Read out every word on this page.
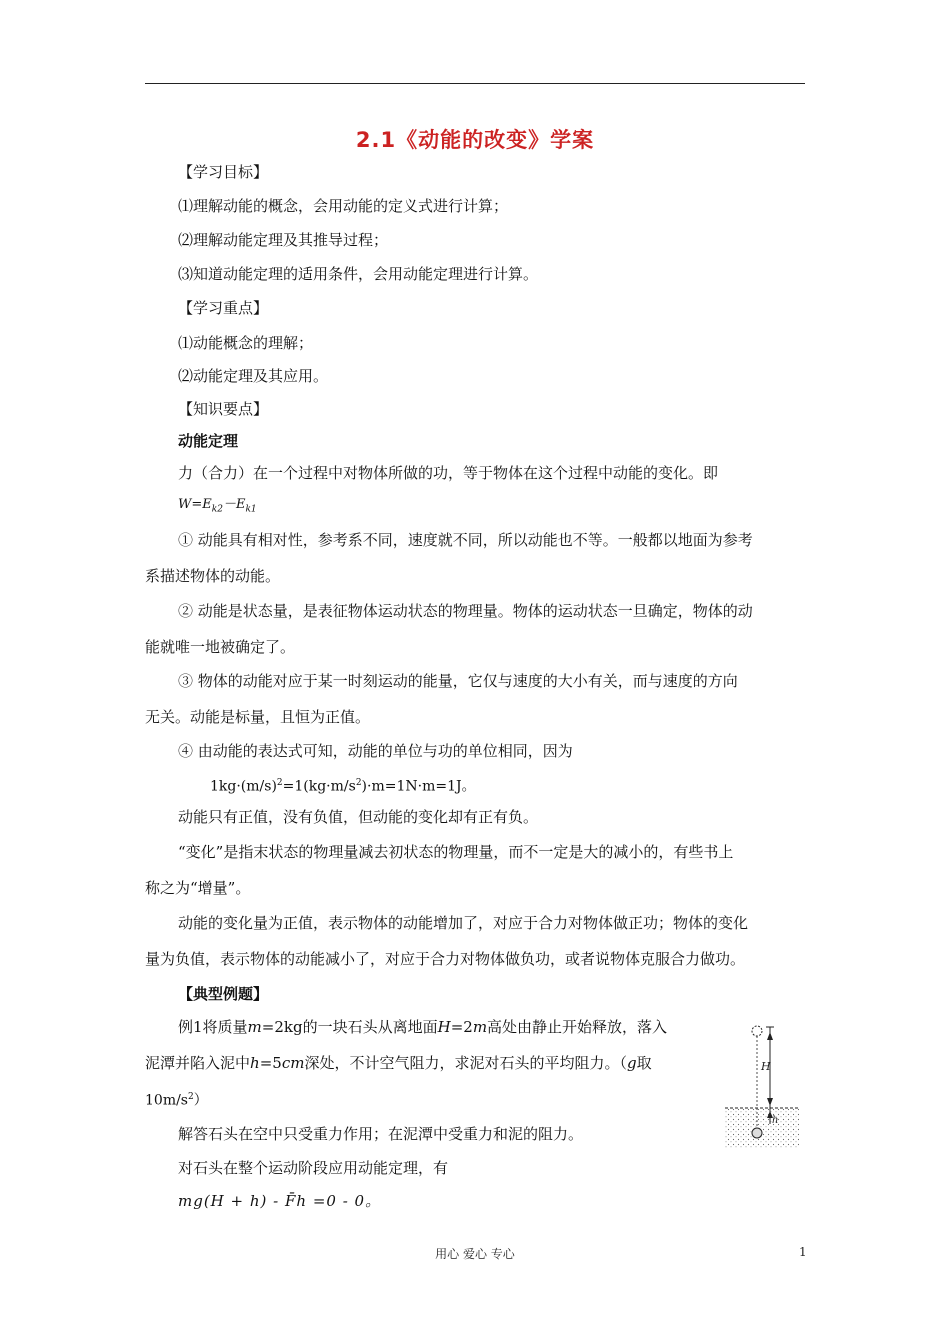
2.1《动能的改变》学案
【学习目标】
⑴理解动能的概念，会用动能的定义式进行计算；
⑵理解动能定理及其推导过程；
⑶知道动能定理的适用条件，会用动能定理进行计算。
【学习重点】
⑴动能概念的理解；
⑵动能定理及其应用。
【知识要点】
动能定理
力（合力）在一个过程中对物体所做的功，等于物体在这个过程中动能的变化。即
$W=E_{k2}-E_{k1}$
① 动能具有相对性，参考系不同，速度就不同，所以动能也不等。一般都以地面为参考
系描述物体的动能。
② 动能是状态量，是表征物体运动状态的物理量。物体的运动状态一旦确定，物体的动
能就唯一地被确定了。
③ 物体的动能对应于某一时刻运动的能量，它仅与速度的大小有关，而与速度的方向
无关。动能是标量，且恒为正值。
④ 由动能的表达式可知，动能的单位与功的单位相同，因为
$1kg\cdot(m/s)^2=1(kg\cdot m/s^2)\cdot m=1N\cdot m=1J$。
动能只有正值，没有负值，但动能的变化却有正有负。
“变化”是指末状态的物理量减去初状态的物理量，而不一定是大的减小的，有些书上
称之为“增量”。
动能的变化量为正值，表示物体的动能增加了，对应于合力对物体做正功；物体的变化
量为负值，表示物体的动能减小了，对应于合力对物体做负功，或者说物体克服合力做功。
【典型例题】
例1将质量m=2kg的一块石头从离地面H=2m高处由静止开始释放，落入
泥潭并陷入泥中h=5cm深处，不计空气阻力，求泥对石头的平均阻力。（g取
$10m/s^2$）
解答石头在空中只受重力作用；在泥潭中受重力和泥的阻力。
对石头在整个运动阶段应用动能定理，有
mg(H + h) - F̄h =0 - 0。
H
h
用心 爱心 专心	1
